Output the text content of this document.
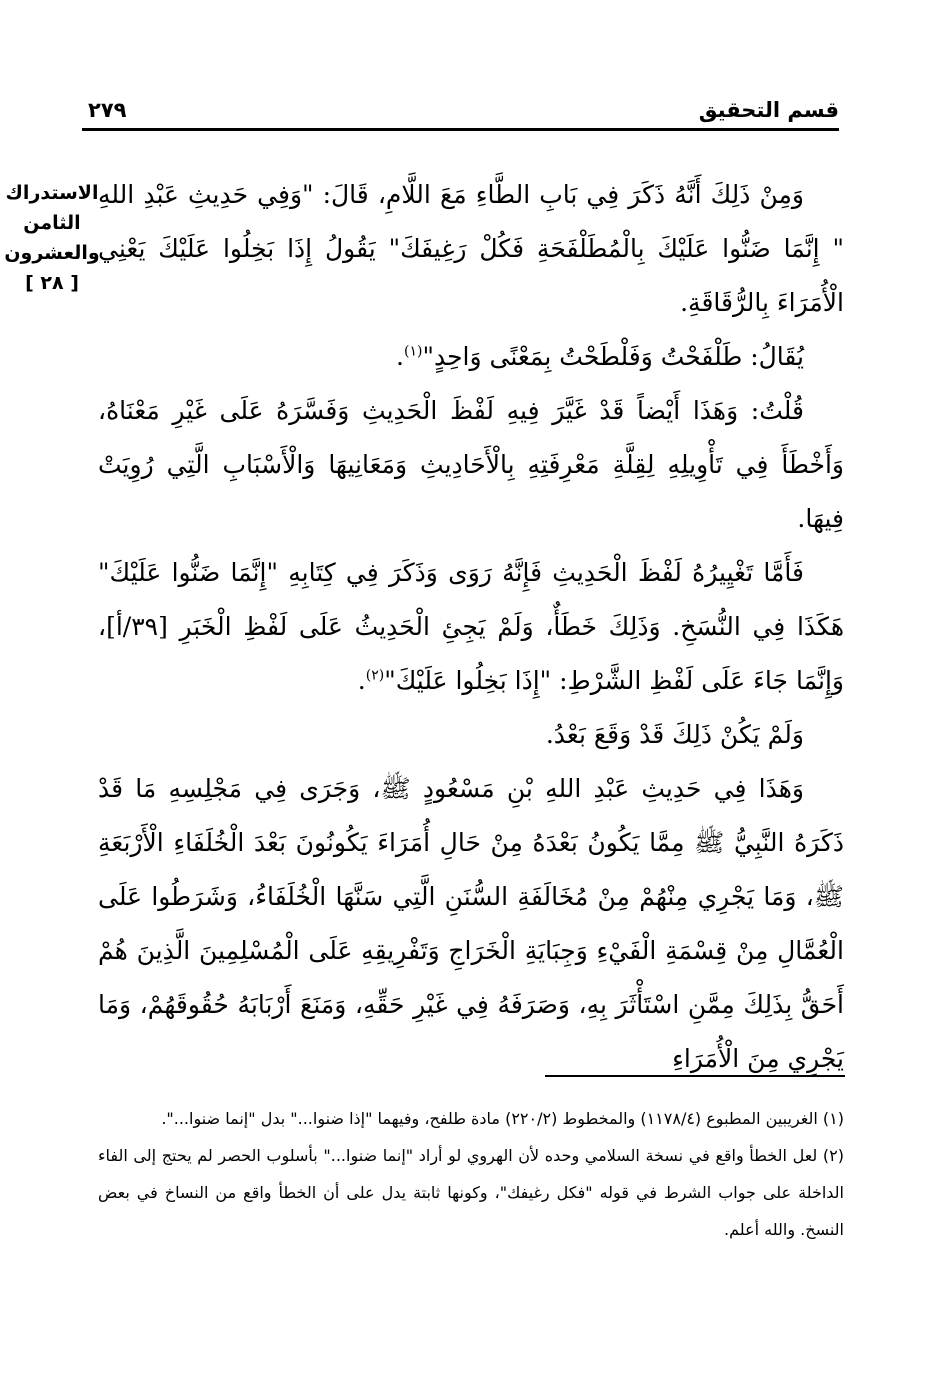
قسم التحقيق
٢٧٩
الاستدراك
الثامن
والعشرون
[ ٢٨ ]

وَمِنْ ذَلِكَ أَنَّهُ ذَكَرَ فِي بَابِ الطَّاءِ مَعَ اللَّامِ، قَالَ: "وَفِي حَدِيثِ عَبْدِ اللهِ " إِنَّمَا ضَنُّوا عَلَيْكَ بِالْمُطَلْفَحَةِ فَكُلْ رَغِيفَكَ" يَقُولُ إِذَا بَخِلُوا عَلَيْكَ يَعْنِي الْأُمَرَاءَ بِالرُّقَاقَةِ.

يُقَالُ: طَلْفَحْتُ وَفَلْطَحْتُ بِمَعْنًى وَاحِدٍ"$^{(١)}$.

قُلْتُ: وَهَذَا أَيْضاً قَدْ غَيَّرَ فِيهِ لَفْظَ الْحَدِيثِ وَفَسَّرَهُ عَلَى غَيْرِ مَعْنَاهُ، وَأَخْطَأَ فِي تَأْوِيلِهِ لِقِلَّةِ مَعْرِفَتِهِ بِالْأَحَادِيثِ وَمَعَانِيهَا وَالْأَسْبَابِ الَّتِي رُوِيَتْ فِيهَا.

فَأَمَّا تَغْيِيرُهُ لَفْظَ الْحَدِيثِ فَإِنَّهُ رَوَى وَذَكَرَ فِي كِتَابِهِ "إِنَّمَا ضَنُّوا عَلَيْكَ" هَكَذَا فِي النُّسَخِ. وَذَلِكَ خَطَأٌ، وَلَمْ يَجِئِ الْحَدِيثُ عَلَى لَفْظِ الْخَبَرِ [٣٩/أ]، وَإِنَّمَا جَاءَ عَلَى لَفْظِ الشَّرْطِ: "إِذَا بَخِلُوا عَلَيْكَ"$^{(٢)}$.

وَلَمْ يَكُنْ ذَلِكَ قَدْ وَقَعَ بَعْدُ.

وَهَذَا فِي حَدِيثِ عَبْدِ اللهِ بْنِ مَسْعُودٍ ﷺ، وَجَرَى فِي مَجْلِسِهِ مَا قَدْ ذَكَرَهُ النَّبِيُّ ﷺ مِمَّا يَكُونُ بَعْدَهُ مِنْ حَالِ أُمَرَاءَ يَكُونُونَ بَعْدَ الْخُلَفَاءِ الْأَرْبَعَةِ ﷺ، وَمَا يَجْرِي مِنْهُمْ مِنْ مُخَالَفَةِ السُّنَنِ الَّتِي سَنَّهَا الْخُلَفَاءُ، وَشَرَطُوا عَلَى الْعُمَّالِ مِنْ قِسْمَةِ الْفَيْءِ وَجِبَايَةِ الْخَرَاجِ وَتَفْرِيقِهِ عَلَى الْمُسْلِمِينَ الَّذِينَ هُمْ أَحَقُّ بِذَلِكَ مِمَّنِ اسْتَأْثَرَ بِهِ، وَصَرَفَهُ فِي غَيْرِ حَقِّهِ، وَمَنَعَ أَرْبَابَهُ حُقُوقَهُمْ، وَمَا يَجْرِي مِنَ الْأُمَرَاءِ

(١) الغريبين المطبوع (١١٧٨/٤) والمخطوط (٢٢٠/٢) مادة طلفح، وفيهما "إذا ضنوا..." بدل "إنما ضنوا...".

(٢) لعل الخطأ واقع في نسخة السلامي وحده لأن الهروي لو أراد "إنما ضنوا..." بأسلوب الحصر لم يحتج إلى الفاء الداخلة على جواب الشرط في قوله "فكل رغيفك"، وكونها ثابتة يدل على أن الخطأ واقع من النساخ في بعض النسخ. والله أعلم.
